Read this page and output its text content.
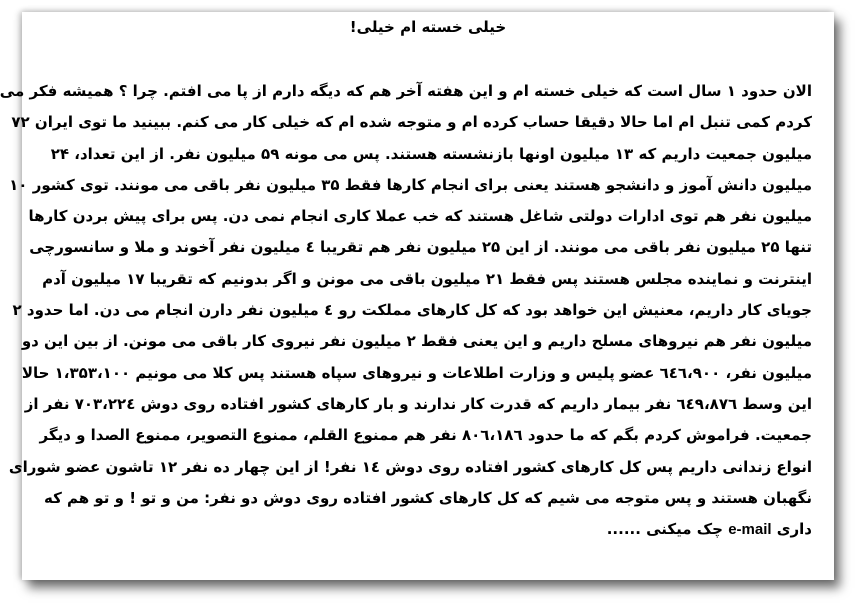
خیلی خسته ام خیلی!
الان حدود ۱ سال است که خیلی خسته ام و این هفته آخر هم که دیگه دارم از پا می افتم. چرا ؟ همیشه فکر می
کردم کمی تنبل ام اما حالا دقیقا حساب کرده ام و متوجه شده ام که خیلی کار می کنم. ببینید ما توی ایران ۷۲
میلیون جمعیت داریم که ۱۳ میلیون اونها بازنشسته هستند. پس می مونه ۵۹ میلیون نفر. از این تعداد، ۲۴
میلیون دانش آموز و دانشجو هستند یعنی برای انجام کارها فقط ۳۵ میلیون نفر باقی می مونند. توی کشور ۱۰
میلیون نفر هم توی ادارات دولتی شاغل هستند که خب عملا کاری انجام نمی دن. پس برای پیش بردن کارها
تنها ۲۵ میلیون نفر باقی می مونند. از این ۲۵ میلیون نفر هم تقریبا ٤ میلیون نفر آخوند و ملا و سانسورچی
اینترنت و نماینده مجلس هستند پس فقط ۲۱ میلیون باقی می مونن و اگر بدونیم که تقریبا ۱۷ میلیون آدم
جویای کار داریم، معنیش این خواهد بود که کل کارهای مملکت رو ٤ میلیون نفر دارن انجام می دن. اما حدود ۲
میلیون نفر هم نیروهای مسلح داریم و این یعنی فقط ۲ میلیون نفر نیروی کار باقی می مونن. از بین این دو
میلیون نفر، ٦٤٦،۹۰۰ عضو پلیس و وزارت اطلاعات و نیروهای سپاه هستند پس کلا می مونیم ۱،۳۵۳،۱۰۰ حالا
این وسط ٦٤۹،۸۷٦ نفر بیمار داریم که قدرت کار ندارند و بار کارهای کشور افتاده روی دوش ۷۰۳،۲۲٤ نفر از
جمعیت. فراموش کردم بگم که ما حدود ۸۰٦،۱۸٦ نفر هم ممنوع القلم، ممنوع التصویر، ممنوع الصدا و دیگر
انواع زندانی داریم پس کل کارهای کشور افتاده روی دوش ۱٤ نفر! از این چهار ده نفر ۱۲ تاشون عضو شورای
نگهبان هستند و پس متوجه می شیم که کل کارهای کشور افتاده روی دوش دو نفر: من و تو ! و تو هم که
داری e-mail چک میکنی ......
